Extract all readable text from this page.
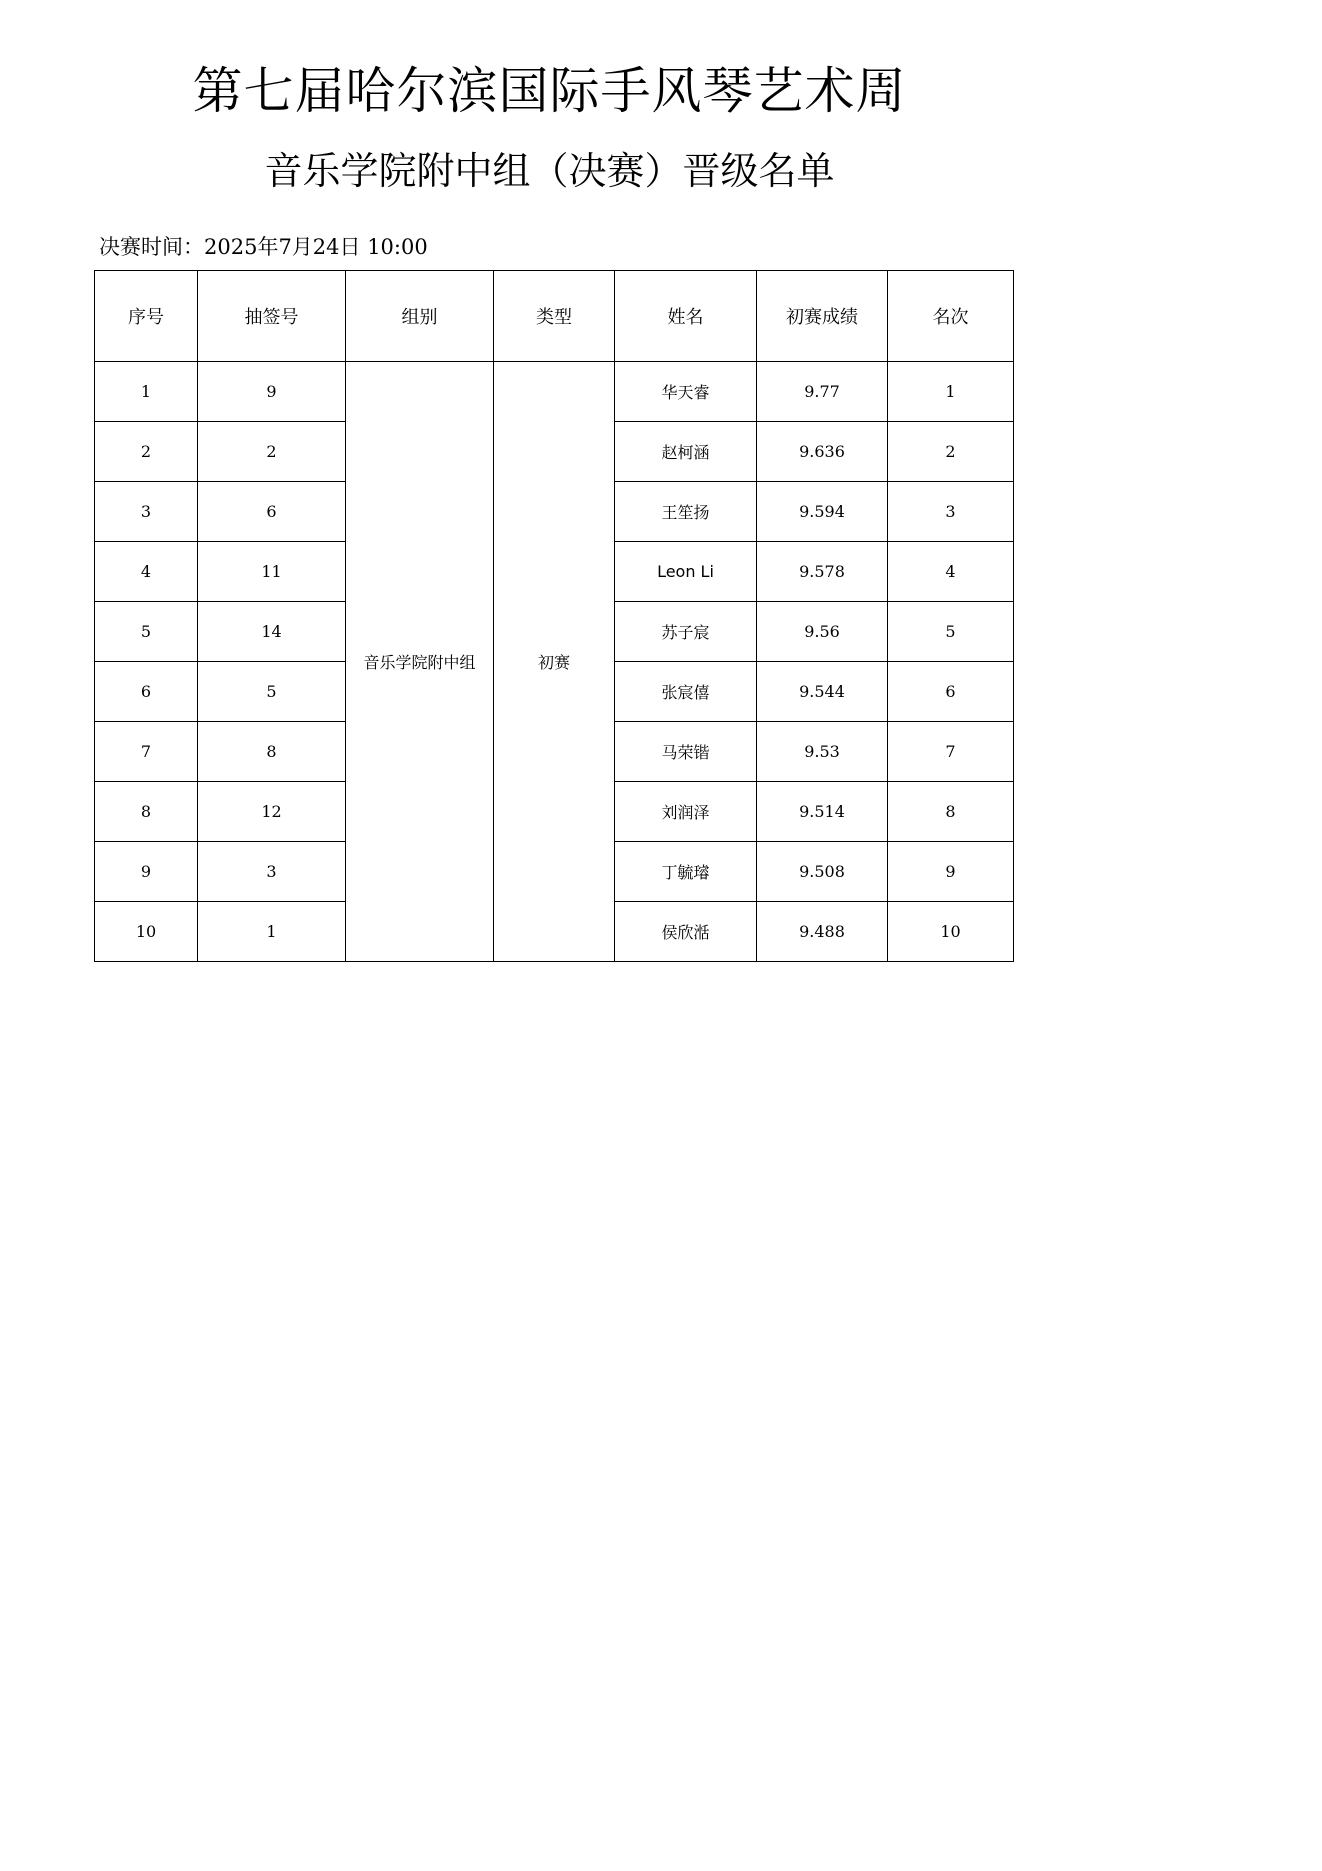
第七届哈尔滨国际手风琴艺术周
音乐学院附中组（决赛）晋级名单
决赛时间：2025年7月24日 10:00
序号	抽签号	组别	类型	姓名	初赛成绩	名次
1	9	音乐学院附中组	初赛	华天睿	9.77	1
2	2			赵柯涵	9.636	2
3	6			王笙扬	9.594	3
4	11			Leon Li	9.578	4
5	14			苏子宸	9.56	5
6	5			张宸僖	9.544	6
7	8			马荣锴	9.53	7
8	12			刘润泽	9.514	8
9	3			丁毓璿	9.508	9
10	1			侯欣湉	9.488	10
